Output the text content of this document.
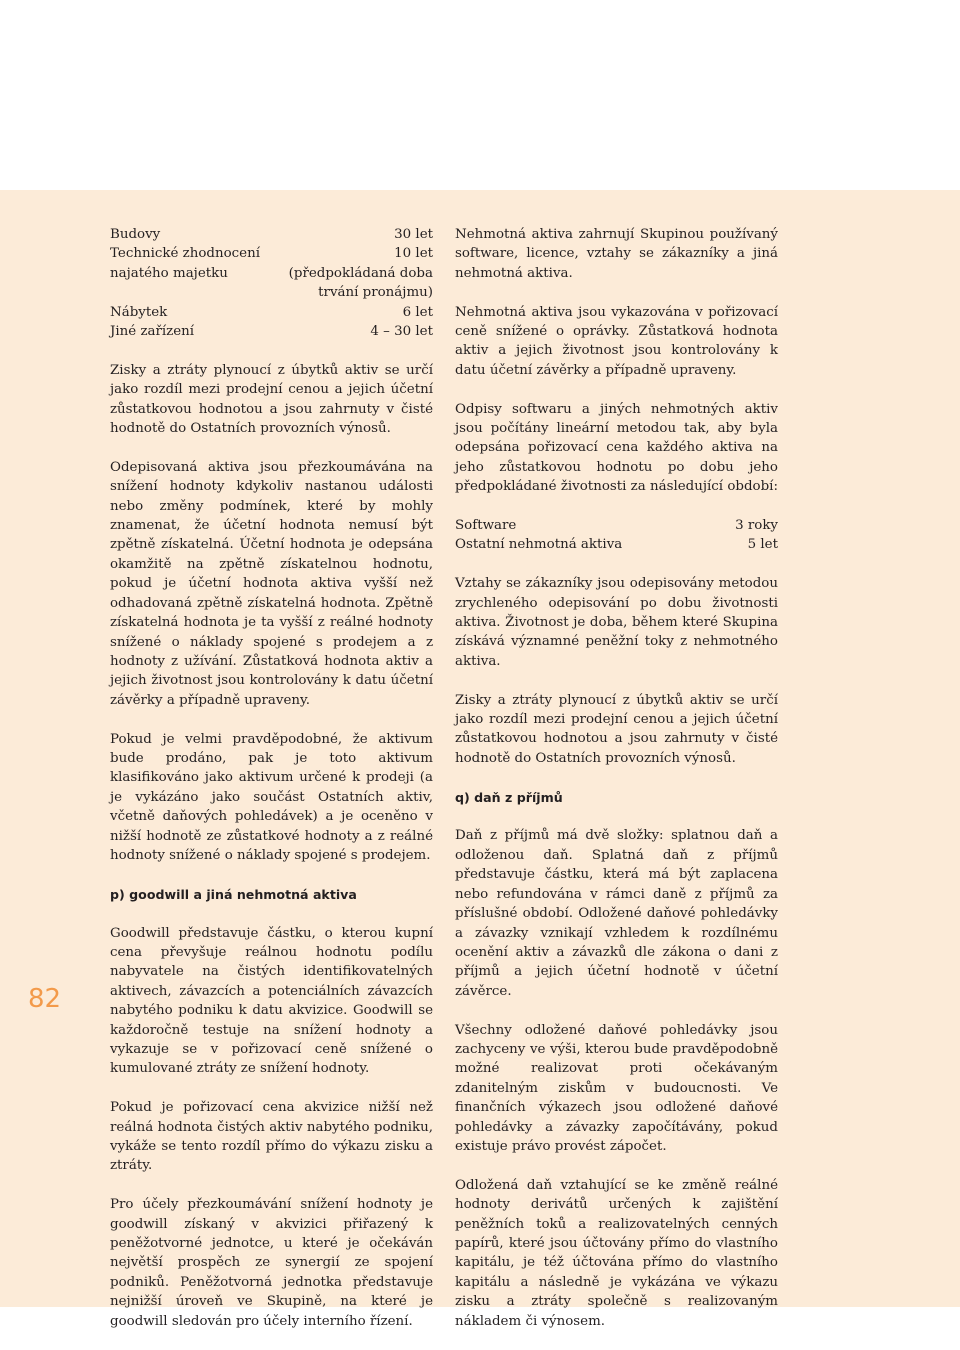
Budovy	30 let
Technické zhodnocení
najatého majetku	10 let
(předpokládaná doba
trvání pronájmu)
Nábytek	6 let
Jiné zařízení	4 – 30 let

Zisky a ztráty plynoucí z úbytků aktiv se určí jako rozdíl mezi prodejní cenou a jejich účetní zůstatkovou hodnotou a jsou zahrnuty v čisté hodnotě do Ostatních provozních výnosů.

Odepisovaná aktiva jsou přezkoumávána na snížení hodnoty kdykoliv nastanou události nebo změny podmínek, které by mohly znamenat, že účetní hodnota nemusí být zpětně získatelná. Účetní hodnota je odepsána okamžitě na zpětně získatelnou hodnotu, pokud je účetní hodnota aktiva vyšší než odhadovaná zpětně získatelná hodnota. Zpětně získatelná hodnota je ta vyšší z reálné hodnoty snížené o náklady spojené s prodejem a z hodnoty z užívání. Zůstatková hodnota aktiv a jejich životnost jsou kontrolovány k datu účetní závěrky a případně upraveny.

Pokud je velmi pravděpodobné, že aktivum bude prodáno, pak je toto aktivum klasifikováno jako aktivum určené k prodeji (a je vykázáno jako součást Ostatních aktiv, včetně daňových pohledávek) a je oceněno v nižší hodnotě ze zůstatkové hodnoty a z reálné hodnoty snížené o náklady spojené s prodejem.

p) goodwill a jiná nehmotná aktiva

Goodwill představuje částku, o kterou kupní cena převyšuje reálnou hodnotu podílu nabyvatele na čistých identifikovatelných aktivech, závazcích a potenciálních závazcích nabytého podniku k datu akvizice. Goodwill se každoročně testuje na snížení hodnoty a vykazuje se v pořizovací ceně snížené o kumulované ztráty ze snížení hodnoty.

Pokud je pořizovací cena akvizice nižší než reálná hodnota čistých aktiv nabytého podniku, vykáže se tento rozdíl přímo do výkazu zisku a ztráty.

Pro účely přezkoumávání snížení hodnoty je goodwill získaný v akvizici přiřazený k peněžotvorné jednotce, u které je očekáván největší prospěch ze synergií ze spojení podniků. Peněžotvorná jednotka představuje nejnižší úroveň ve Skupině, na které je goodwill sledován pro účely interního řízení.

Nehmotná aktiva zahrnují Skupinou používaný software, licence, vztahy se zákazníky a jiná nehmotná aktiva.

Nehmotná aktiva jsou vykazována v pořizovací ceně snížené o oprávky. Zůstatková hodnota aktiv a jejich životnost jsou kontrolovány k datu účetní závěrky a případně upraveny.

Odpisy softwaru a jiných nehmotných aktiv jsou počítány lineární metodou tak, aby byla odepsána pořizovací cena každého aktiva na jeho zůstatkovou hodnotu po dobu jeho předpokládané životnosti za následující období:

Software	3 roky
Ostatní nehmotná aktiva	5 let

Vztahy se zákazníky jsou odepisovány metodou zrychleného odepisování po dobu životnosti aktiva. Životnost je doba, během které Skupina získává významné peněžní toky z nehmotného aktiva.

Zisky a ztráty plynoucí z úbytků aktiv se určí jako rozdíl mezi prodejní cenou a jejich účetní zůstatkovou hodnotou a jsou zahrnuty v čisté hodnotě do Ostatních provozních výnosů.

q) daň z příjmů

Daň z příjmů má dvě složky: splatnou daň a odloženou daň. Splatná daň z příjmů představuje částku, která má být zaplacena nebo refundována v rámci daně z příjmů za příslušné období. Odložené daňové pohledávky a závazky vznikají vzhledem k rozdílnému ocenění aktiv a závazků dle zákona o dani z příjmů a jejich účetní hodnotě v účetní závěrce.

Všechny odložené daňové pohledávky jsou zachyceny ve výši, kterou bude pravděpodobně možné realizovat proti očekávaným zdanitelným ziskům v budoucnosti. Ve finančních výkazech jsou odložené daňové pohledávky a závazky započítávány, pokud existuje právo provést zápočet.

Odložená daň vztahující se ke změně reálné hodnoty derivátů určených k zajištění peněžních toků a realizovatelných cenných papírů, které jsou účtovány přímo do vlastního kapitálu, je též účtována přímo do vlastního kapitálu a následně je vykázána ve výkazu zisku a ztráty společně s realizovaným nákladem či výnosem.

82
